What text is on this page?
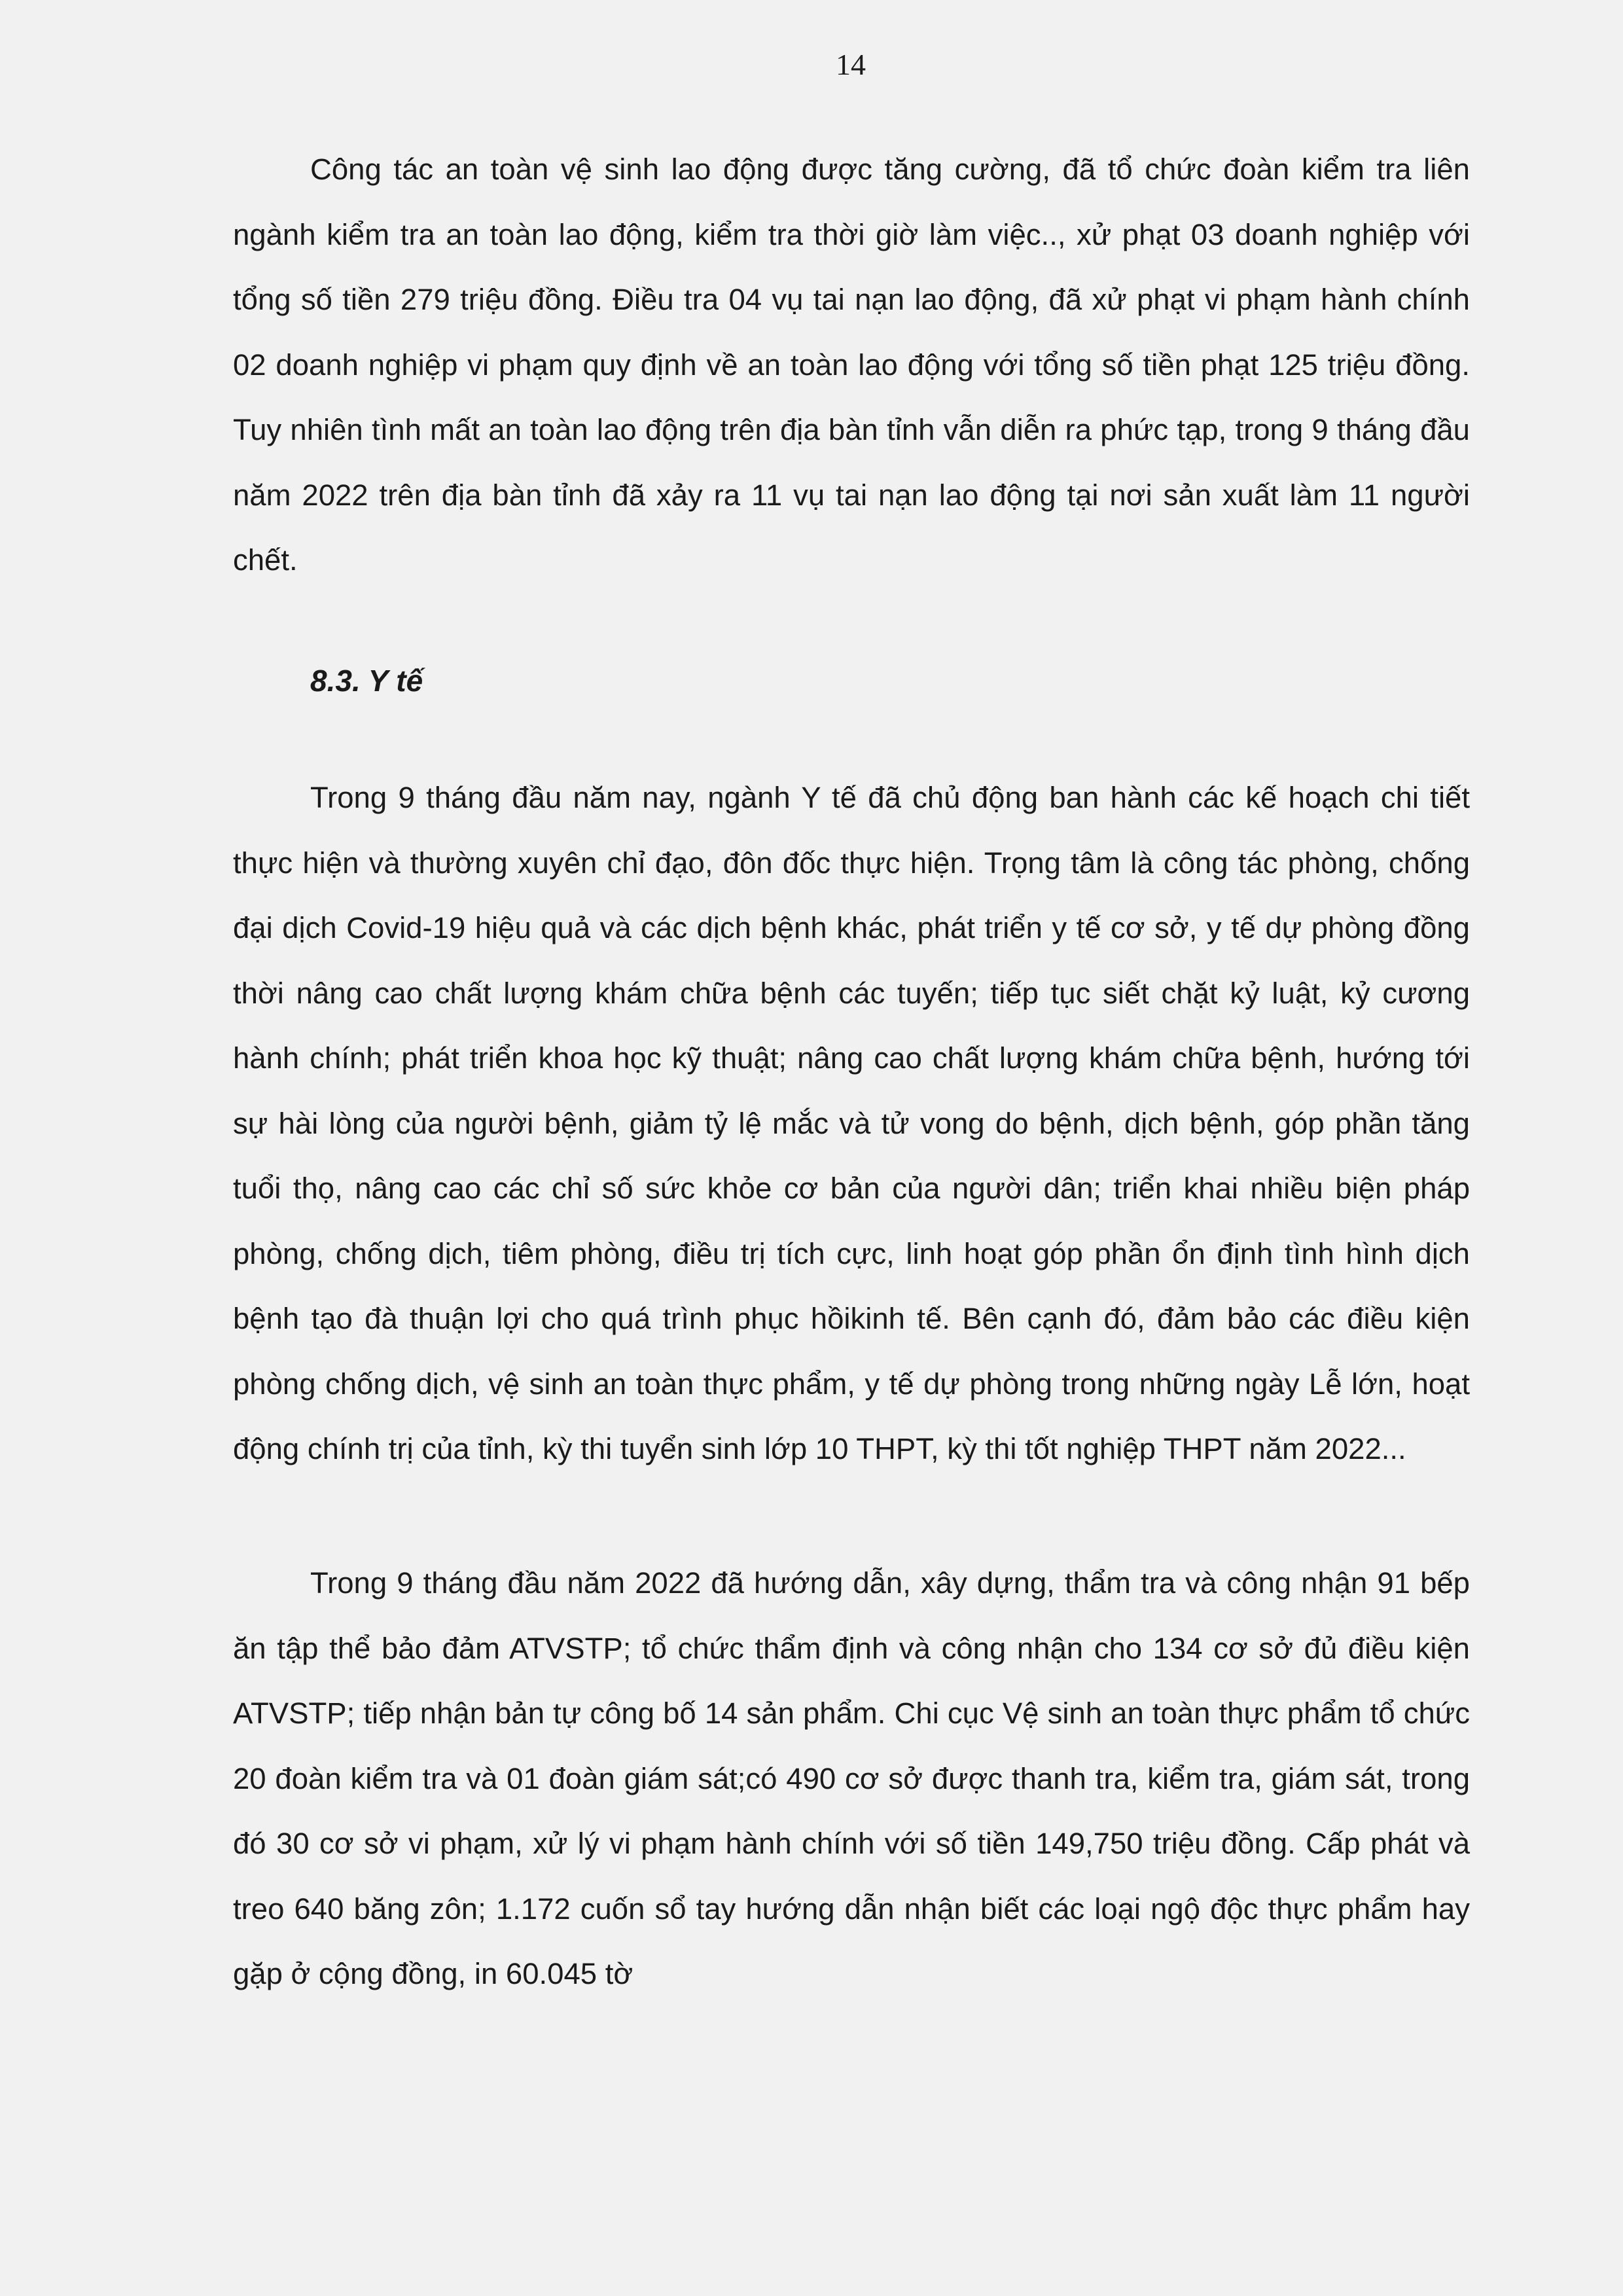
14

Công tác an toàn vệ sinh lao động được tăng cường, đã tổ chức đoàn kiểm tra liên ngành kiểm tra an toàn lao động, kiểm tra thời giờ làm việc.., xử phạt 03 doanh nghiệp với tổng số tiền 279 triệu đồng. Điều tra 04 vụ tai nạn lao động, đã xử phạt vi phạm hành chính 02 doanh nghiệp vi phạm quy định về an toàn lao động với tổng số tiền phạt 125 triệu đồng. Tuy nhiên tình mất an toàn lao động trên địa bàn tỉnh vẫn diễn ra phức tạp, trong 9 tháng đầu năm 2022 trên địa bàn tỉnh đã xảy ra 11 vụ tai nạn lao động tại nơi sản xuất làm 11 người chết.

8.3. Y tế

Trong 9 tháng đầu năm nay, ngành Y tế đã chủ động ban hành các kế hoạch chi tiết thực hiện và thường xuyên chỉ đạo, đôn đốc thực hiện. Trọng tâm là công tác phòng, chống đại dịch Covid-19 hiệu quả và các dịch bệnh khác, phát triển y tế cơ sở, y tế dự phòng đồng thời nâng cao chất lượng khám chữa bệnh các tuyến; tiếp tục siết chặt kỷ luật, kỷ cương hành chính; phát triển khoa học kỹ thuật; nâng cao chất lượng khám chữa bệnh, hướng tới sự hài lòng của người bệnh, giảm tỷ lệ mắc và tử vong do bệnh, dịch bệnh, góp phần tăng tuổi thọ, nâng cao các chỉ số sức khỏe cơ bản của người dân; triển khai nhiều biện pháp phòng, chống dịch, tiêm phòng, điều trị tích cực, linh hoạt góp phần ổn định tình hình dịch bệnh tạo đà thuận lợi cho quá trình phục hồikinh tế. Bên cạnh đó, đảm bảo các điều kiện phòng chống dịch, vệ sinh an toàn thực phẩm, y tế dự phòng trong những ngày Lễ lớn, hoạt động chính trị của tỉnh, kỳ thi tuyển sinh lớp 10 THPT, kỳ thi tốt nghiệp THPT năm 2022...

Trong 9 tháng đầu năm 2022 đã hướng dẫn, xây dựng, thẩm tra và công nhận 91 bếp ăn tập thể bảo đảm ATVSTP; tổ chức thẩm định và công nhận cho 134 cơ sở đủ điều kiện ATVSTP; tiếp nhận bản tự công bố 14 sản phẩm. Chi cục Vệ sinh an toàn thực phẩm tổ chức 20 đoàn kiểm tra và 01 đoàn giám sát;có 490 cơ sở được thanh tra, kiểm tra, giám sát, trong đó 30 cơ sở vi phạm, xử lý vi phạm hành chính với số tiền 149,750 triệu đồng. Cấp phát và treo 640 băng zôn; 1.172 cuốn sổ tay hướng dẫn nhận biết các loại ngộ độc thực phẩm hay gặp ở cộng đồng, in 60.045 tờ
